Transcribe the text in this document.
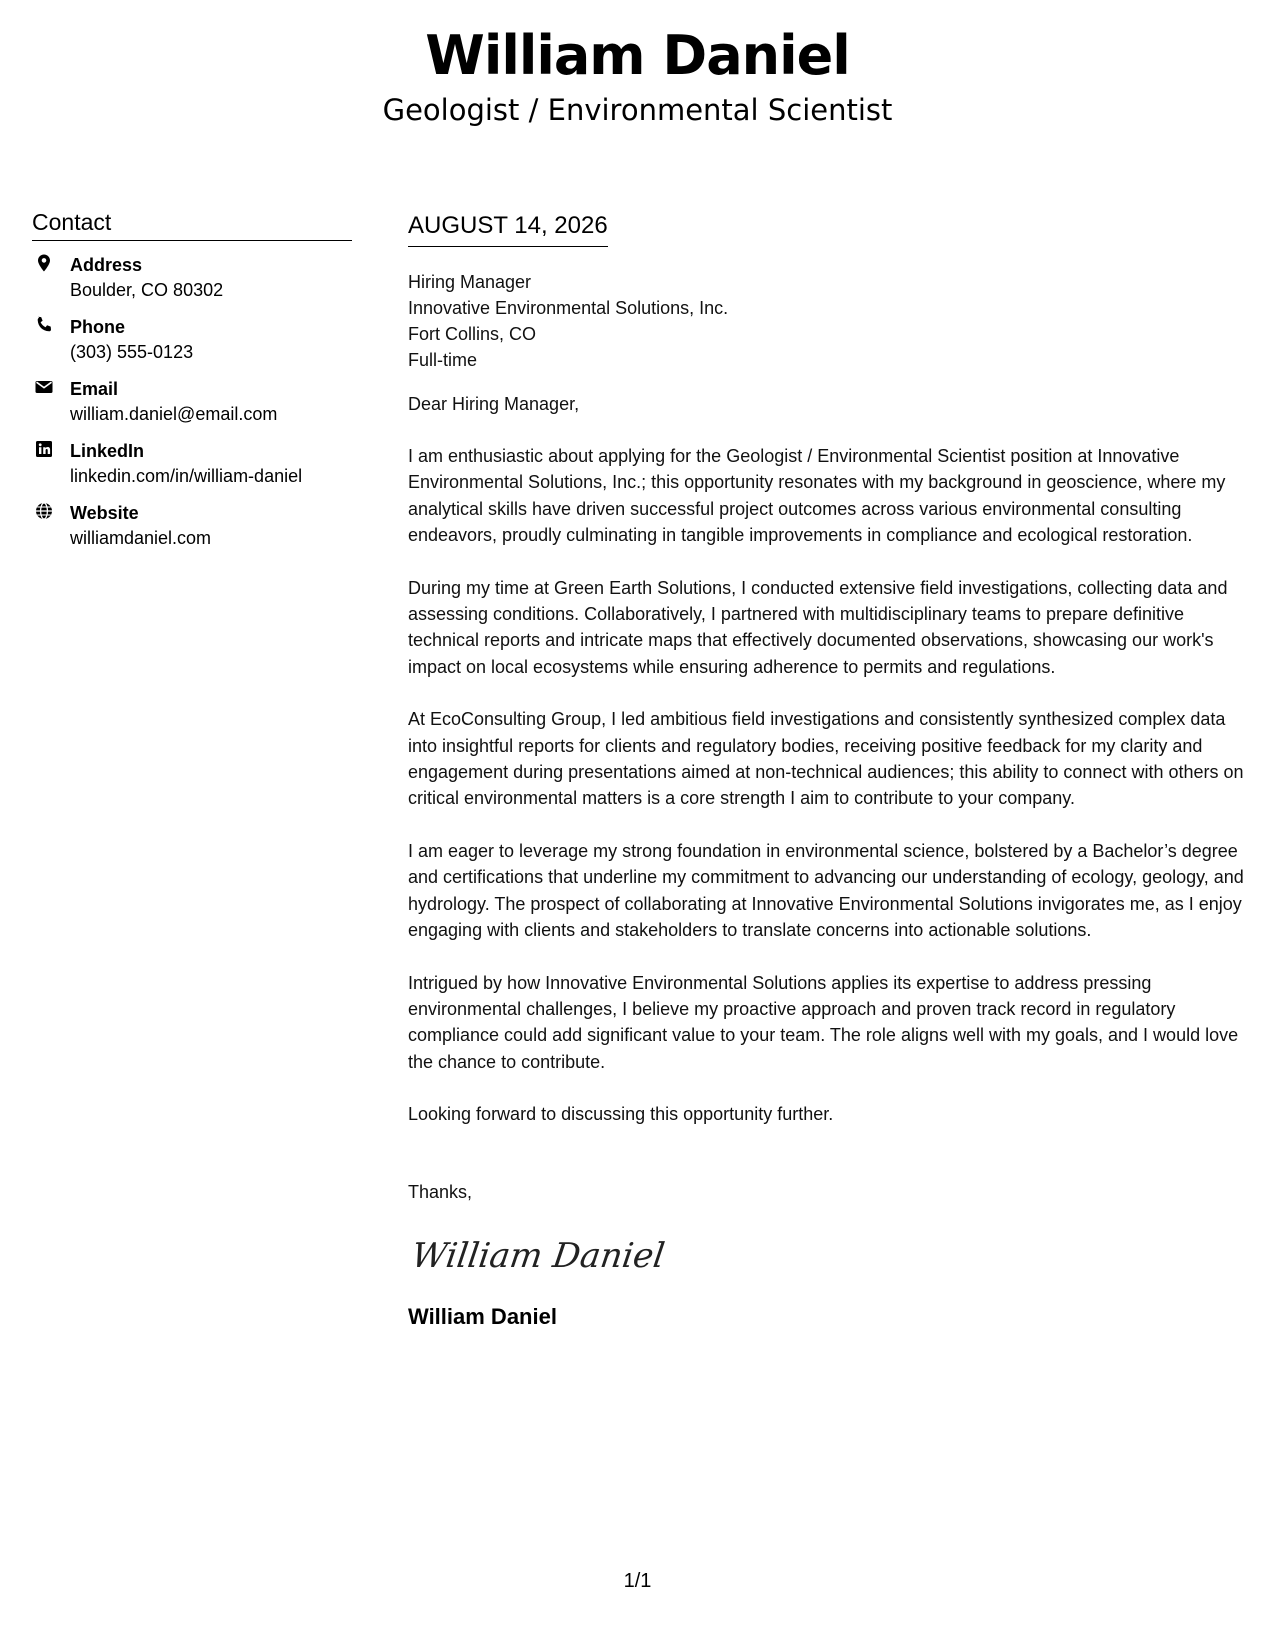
William Daniel
Geologist / Environmental Scientist
Contact
Address
Boulder, CO 80302
Phone
(303) 555-0123
Email
william.daniel@email.com
LinkedIn
linkedin.com/in/william-daniel
Website
williamdaniel.com
AUGUST 14, 2026
Hiring Manager
Innovative Environmental Solutions, Inc.
Fort Collins, CO
Full-time
Dear Hiring Manager,
I am enthusiastic about applying for the Geologist / Environmental Scientist position at Innovative Environmental Solutions, Inc.; this opportunity resonates with my background in geoscience, where my analytical skills have driven successful project outcomes across various environmental consulting endeavors, proudly culminating in tangible improvements in compliance and ecological restoration.
During my time at Green Earth Solutions, I conducted extensive field investigations, collecting data and assessing conditions. Collaboratively, I partnered with multidisciplinary teams to prepare definitive technical reports and intricate maps that effectively documented observations, showcasing our work's impact on local ecosystems while ensuring adherence to permits and regulations.
At EcoConsulting Group, I led ambitious field investigations and consistently synthesized complex data into insightful reports for clients and regulatory bodies, receiving positive feedback for my clarity and engagement during presentations aimed at non-technical audiences; this ability to connect with others on critical environmental matters is a core strength I aim to contribute to your company.
I am eager to leverage my strong foundation in environmental science, bolstered by a Bachelor’s degree and certifications that underline my commitment to advancing our understanding of ecology, geology, and hydrology. The prospect of collaborating at Innovative Environmental Solutions invigorates me, as I enjoy engaging with clients and stakeholders to translate concerns into actionable solutions.
Intrigued by how Innovative Environmental Solutions applies its expertise to address pressing environmental challenges, I believe my proactive approach and proven track record in regulatory compliance could add significant value to your team. The role aligns well with my goals, and I would love the chance to contribute.
Looking forward to discussing this opportunity further.
Thanks,
William Daniel
William Daniel
1/1
